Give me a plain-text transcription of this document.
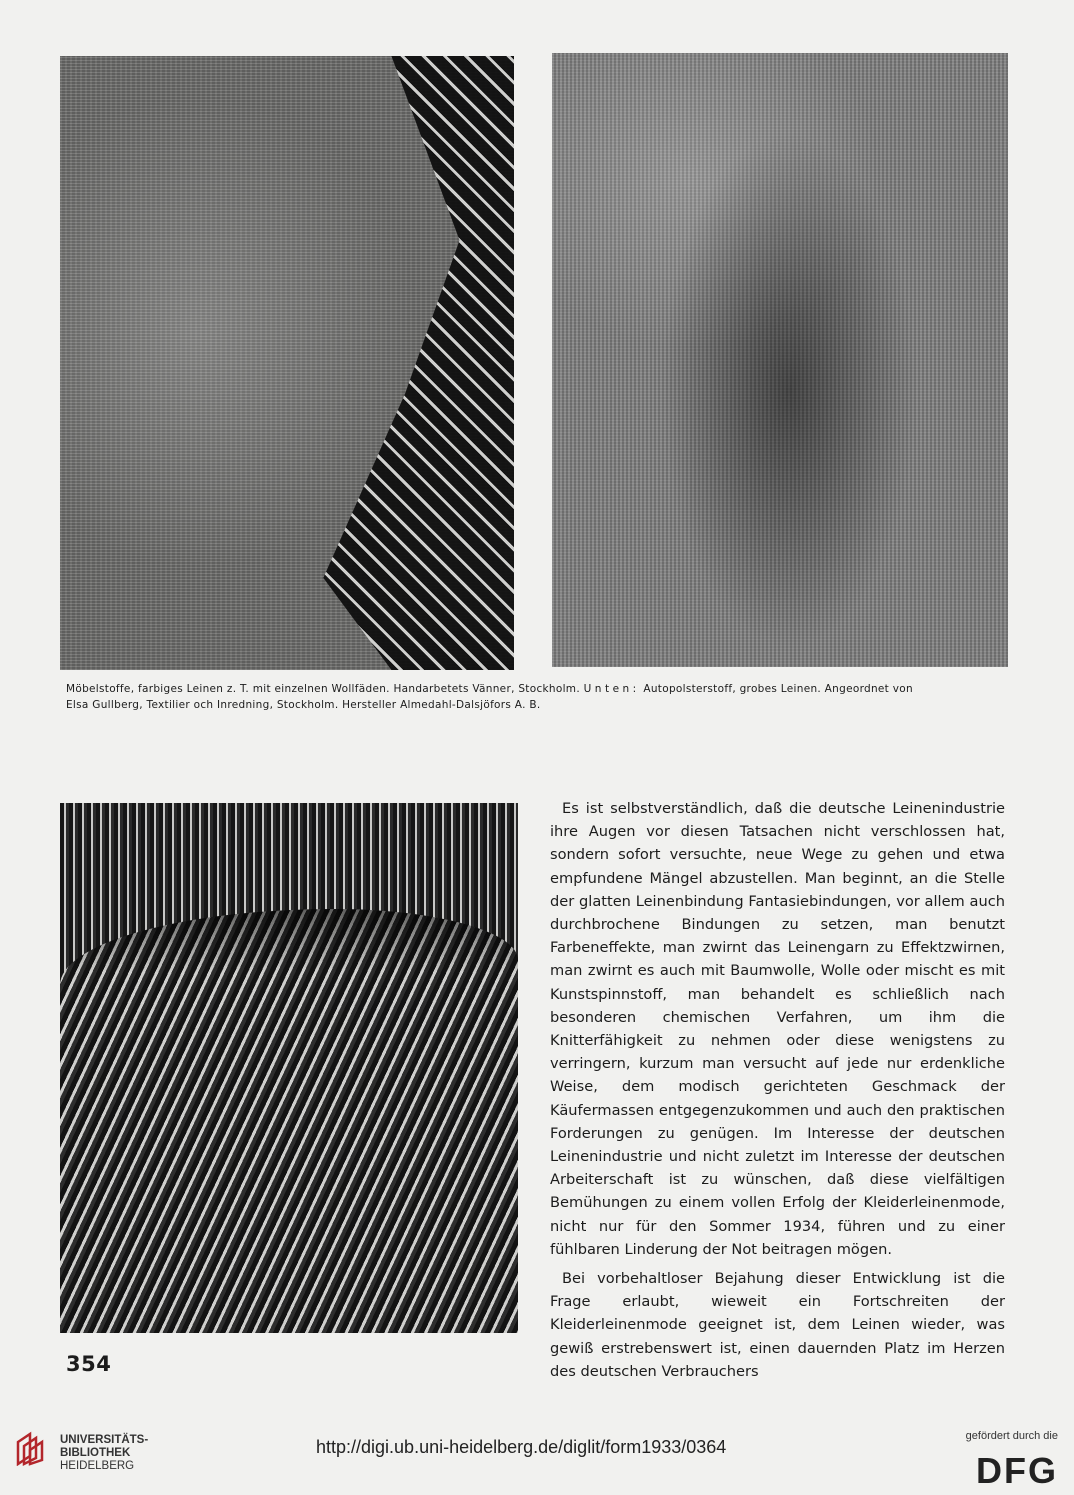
Möbelstoffe, farbiges Leinen z. T. mit einzelnen Wollfäden. Handarbetets Vänner, Stockholm. Unten: Autopolsterstoff, grobes Leinen. Angeordnet von
Elsa Gullberg, Textilier och Inredning, Stockholm. Hersteller Almedahl-Dalsjöfors A. B.

Es ist selbstverständlich, daß die deutsche Leinenindustrie ihre Augen vor diesen Tatsachen nicht verschlossen hat, sondern sofort versuchte, neue Wege zu gehen und etwa empfundene Mängel abzustellen. Man beginnt, an die Stelle der glatten Leinenbindung Fantasiebindungen, vor allem auch durchbrochene Bindungen zu setzen, man benutzt Farbeneffekte, man zwirnt das Leinengarn zu Effektzwirnen, man zwirnt es auch mit Baumwolle, Wolle oder mischt es mit Kunstspinnstoff, man behandelt es schließlich nach besonderen chemischen Verfahren, um ihm die Knitterfähigkeit zu nehmen oder diese wenigstens zu verringern, kurzum man versucht auf jede nur erdenkliche Weise, dem modisch gerichteten Geschmack der Käufermassen entgegenzukommen und auch den praktischen Forderungen zu genügen. Im Interesse der deutschen Leinenindustrie und nicht zuletzt im Interesse der deutschen Arbeiterschaft ist zu wünschen, daß diese vielfältigen Bemühungen zu einem vollen Erfolg der Kleiderleinenmode, nicht nur für den Sommer 1934, führen und zu einer fühlbaren Linderung der Not beitragen mögen.

Bei vorbehaltloser Bejahung dieser Entwicklung ist die Frage erlaubt, wieweit ein Fortschreiten der Kleiderleinenmode geeignet ist, dem Leinen wieder, was gewiß erstrebenswert ist, einen dauernden Platz im Herzen des deutschen Verbrauchers

354
UNIVERSITÄTS-
BIBLIOTHEK
HEIDELBERG
http://digi.ub.uni-heidelberg.de/diglit/form1933/0364
gefördert durch die
DFG
